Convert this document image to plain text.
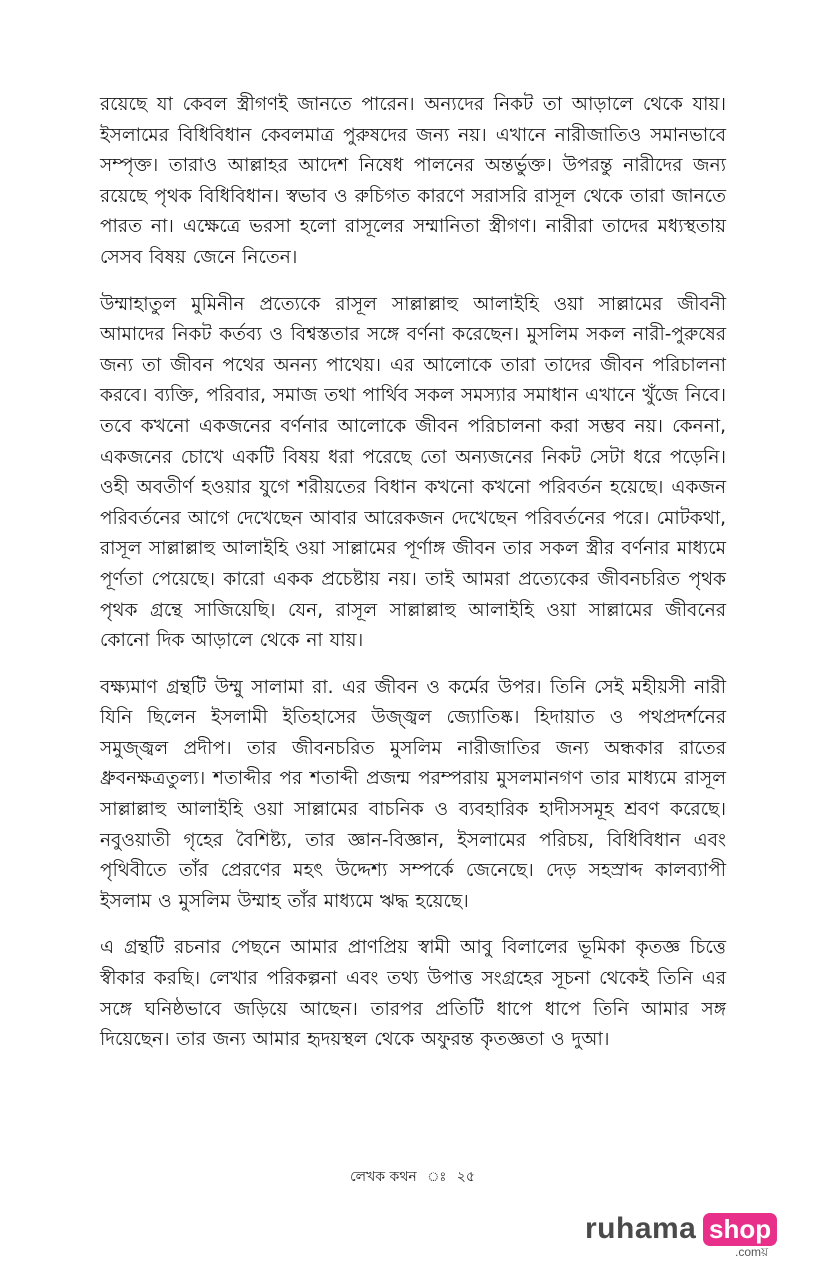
রয়েছে যা কেবল স্ত্রীগণই জানতে পারেন। অন্যদের নিকট তা আড়ালে থেকে যায়। ইসলামের বিধিবিধান কেবলমাত্র পুরুষদের জন্য নয়। এখানে নারীজাতিও সমানভাবে সম্পৃক্ত। তারাও আল্লাহর আদেশ নিষেধ পালনের অন্তর্ভুক্ত। উপরন্তু নারীদের জন্য রয়েছে পৃথক বিধিবিধান। স্বভাব ও রুচিগত কারণে সরাসরি রাসূল থেকে তারা জানতে পারত না। এক্ষেত্রে ভরসা হলো রাসূলের সম্মানিতা স্ত্রীগণ। নারীরা তাদের মধ্যস্থতায় সেসব বিষয় জেনে নিতেন।

উম্মাহাতুল মুমিনীন প্রত্যেকে রাসূল সাল্লাল্লাহু আলাইহি ওয়া সাল্লামের জীবনী আমাদের নিকট কর্তব্য ও বিশ্বস্ততার সঙ্গে বর্ণনা করেছেন। মুসলিম সকল নারী-পুরুষের জন্য তা জীবন পথের অনন্য পাথেয়। এর আলোকে তারা তাদের জীবন পরিচালনা করবে। ব্যক্তি, পরিবার, সমাজ তথা পার্থিব সকল সমস্যার সমাধান এখানে খুঁজে নিবে। তবে কখনো একজনের বর্ণনার আলোকে জীবন পরিচালনা করা সম্ভব নয়। কেননা, একজনের চোখে একটি বিষয় ধরা পরেছে তো অন্যজনের নিকট সেটা ধরে পড়েনি। ওহী অবতীর্ণ হওয়ার যুগে শরীয়তের বিধান কখনো কখনো পরিবর্তন হয়েছে। একজন পরিবর্তনের আগে দেখেছেন আবার আরেকজন দেখেছেন পরিবর্তনের পরে। মোটকথা, রাসূল সাল্লাল্লাহু আলাইহি ওয়া সাল্লামের পূর্ণাঙ্গ জীবন তার সকল স্ত্রীর বর্ণনার মাধ্যমে পূর্ণতা পেয়েছে। কারো একক প্রচেষ্টায় নয়। তাই আমরা প্রত্যেকের জীবনচরিত পৃথক পৃথক গ্রন্থে সাজিয়েছি। যেন, রাসূল সাল্লাল্লাহু আলাইহি ওয়া সাল্লামের জীবনের কোনো দিক আড়ালে থেকে না যায়।

বক্ষ্যমাণ গ্রন্থটি উম্মু সালামা রা. এর জীবন ও কর্মের উপর। তিনি সেই মহীয়সী নারী যিনি ছিলেন ইসলামী ইতিহাসের উজ্জ্বল জ্যোতিষ্ক। হিদায়াত ও পথপ্রদর্শনের সমুজ্জ্বল প্রদীপ। তার জীবনচরিত মুসলিম নারীজাতির জন্য অন্ধকার রাতের ধ্রুবনক্ষত্রতুল্য। শতাব্দীর পর শতাব্দী প্রজন্ম পরম্পরায় মুসলমানগণ তার মাধ্যমে রাসূল সাল্লাল্লাহু আলাইহি ওয়া সাল্লামের বাচনিক ও ব্যবহারিক হাদীসসমূহ শ্রবণ করেছে। নবুওয়াতী গৃহের বৈশিষ্ট্য, তার জ্ঞান-বিজ্ঞান, ইসলামের পরিচয়, বিধিবিধান এবং পৃথিবীতে তাঁর প্রেরণের মহৎ উদ্দেশ্য সম্পর্কে জেনেছে। দেড় সহস্রাব্দ কালব্যাপী ইসলাম ও মুসলিম উম্মাহ তাঁর মাধ্যমে ঋদ্ধ হয়েছে।

এ গ্রন্থটি রচনার পেছনে আমার প্রাণপ্রিয় স্বামী আবু বিলালের ভূমিকা কৃতজ্ঞ চিত্তে স্বীকার করছি। লেখার পরিকল্পনা এবং তথ্য উপাত্ত সংগ্রহের সূচনা থেকেই তিনি এর সঙ্গে ঘনিষ্ঠভাবে জড়িয়ে আছেন। তারপর প্রতিটি ধাপে ধাপে তিনি আমার সঙ্গ দিয়েছেন। তার জন্য আমার হৃদয়স্থল থেকে অফুরন্ত কৃতজ্ঞতা ও দুআ।

লেখক কথন ঃ ২৫
ruhama shop
.comয়
